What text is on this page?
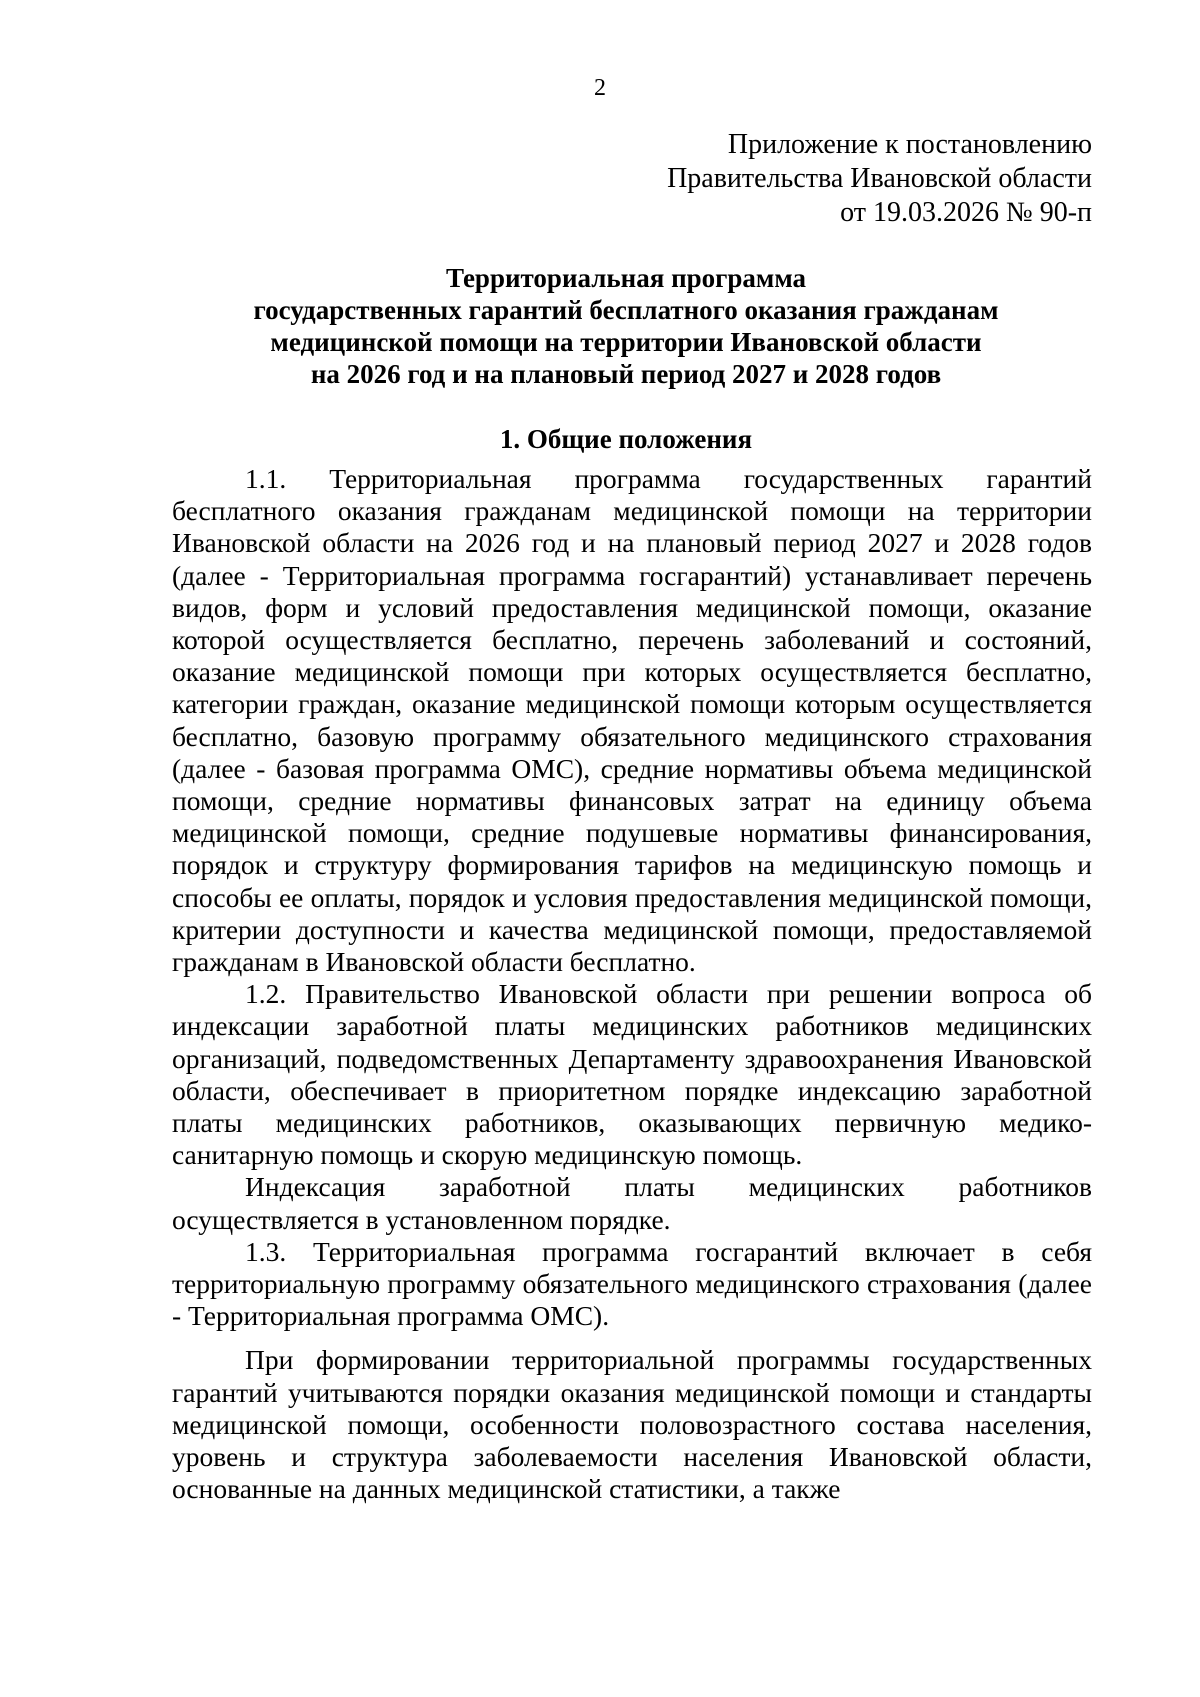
2
Приложение к постановлению
Правительства Ивановской области
от 19.03.2026 № 90-п
Территориальная программа
государственных гарантий бесплатного оказания гражданам
медицинской помощи на территории Ивановской области
на 2026 год и на плановый период 2027 и 2028 годов
1. Общие положения

1.1. Территориальная программа государственных гарантий бесплатного оказания гражданам медицинской помощи на территории Ивановской области на 2026 год и на плановый период 2027 и 2028 годов (далее - Территориальная программа госгарантий) устанавливает перечень видов, форм и условий предоставления медицинской помощи, оказание которой осуществляется бесплатно, перечень заболеваний и состояний, оказание медицинской помощи при которых осуществляется бесплатно, категории граждан, оказание медицинской помощи которым осуществляется бесплатно, базовую программу обязательного медицинского страхования (далее - базовая программа ОМС), средние нормативы объема медицинской помощи, средние нормативы финансовых затрат на единицу объема медицинской помощи, средние подушевые нормативы финансирования, порядок и структуру формирования тарифов на медицинскую помощь и способы ее оплаты, порядок и условия предоставления медицинской помощи, критерии доступности и качества медицинской помощи, предоставляемой гражданам в Ивановской области бесплатно.

1.2. Правительство Ивановской области при решении вопроса об индексации заработной платы медицинских работников медицинских организаций, подведомственных Департаменту здравоохранения Ивановской области, обеспечивает в приоритетном порядке индексацию заработной платы медицинских работников, оказывающих первичную медико-санитарную помощь и скорую медицинскую помощь.

Индексация заработной платы медицинских работников осуществляется в установленном порядке.

1.3. Территориальная программа госгарантий включает в себя территориальную программу обязательного медицинского страхования (далее - Территориальная программа ОМС).

При формировании территориальной программы государственных гарантий учитываются порядки оказания медицинской помощи и стандарты медицинской помощи, особенности половозрастного состава населения, уровень и структура заболеваемости населения Ивановской области, основанные на данных медицинской статистики, а также
